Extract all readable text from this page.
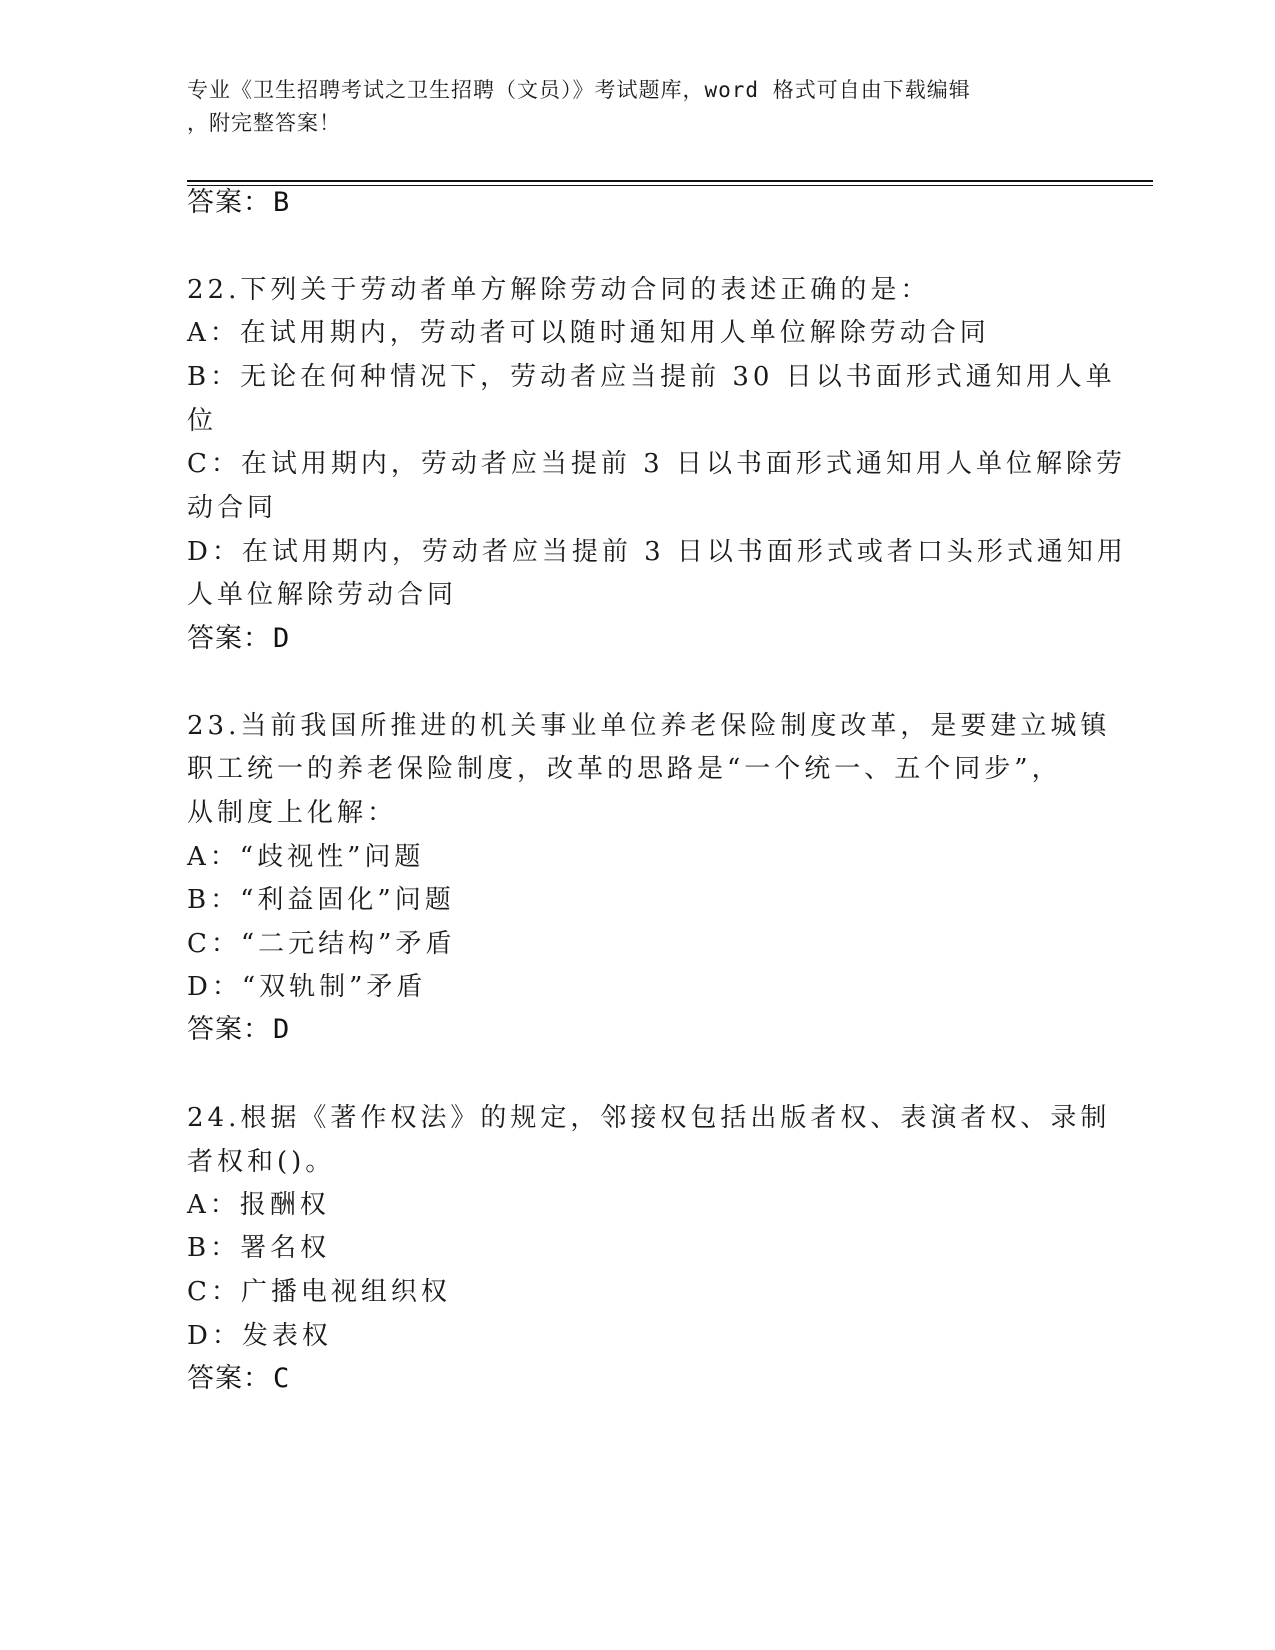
专业《卫生招聘考试之卫生招聘（文员）》考试题库，word 格式可自由下载编辑
，附完整答案！
答案：B
22.下列关于劳动者单方解除劳动合同的表述正确的是：
A：在试用期内，劳动者可以随时通知用人单位解除劳动合同
B：无论在何种情况下，劳动者应当提前 30 日以书面形式通知用人单
位
C：在试用期内，劳动者应当提前 3 日以书面形式通知用人单位解除劳
动合同
D：在试用期内，劳动者应当提前 3 日以书面形式或者口头形式通知用
人单位解除劳动合同
答案：D
23.当前我国所推进的机关事业单位养老保险制度改革，是要建立城镇
职工统一的养老保险制度，改革的思路是“一个统一、五个同步”，
从制度上化解：
A：“歧视性”问题
B：“利益固化”问题
C：“二元结构”矛盾
D：“双轨制”矛盾
答案：D
24.根据《著作权法》的规定，邻接权包括出版者权、表演者权、录制
者权和()。
A：报酬权
B：署名权
C：广播电视组织权
D：发表权
答案：C
